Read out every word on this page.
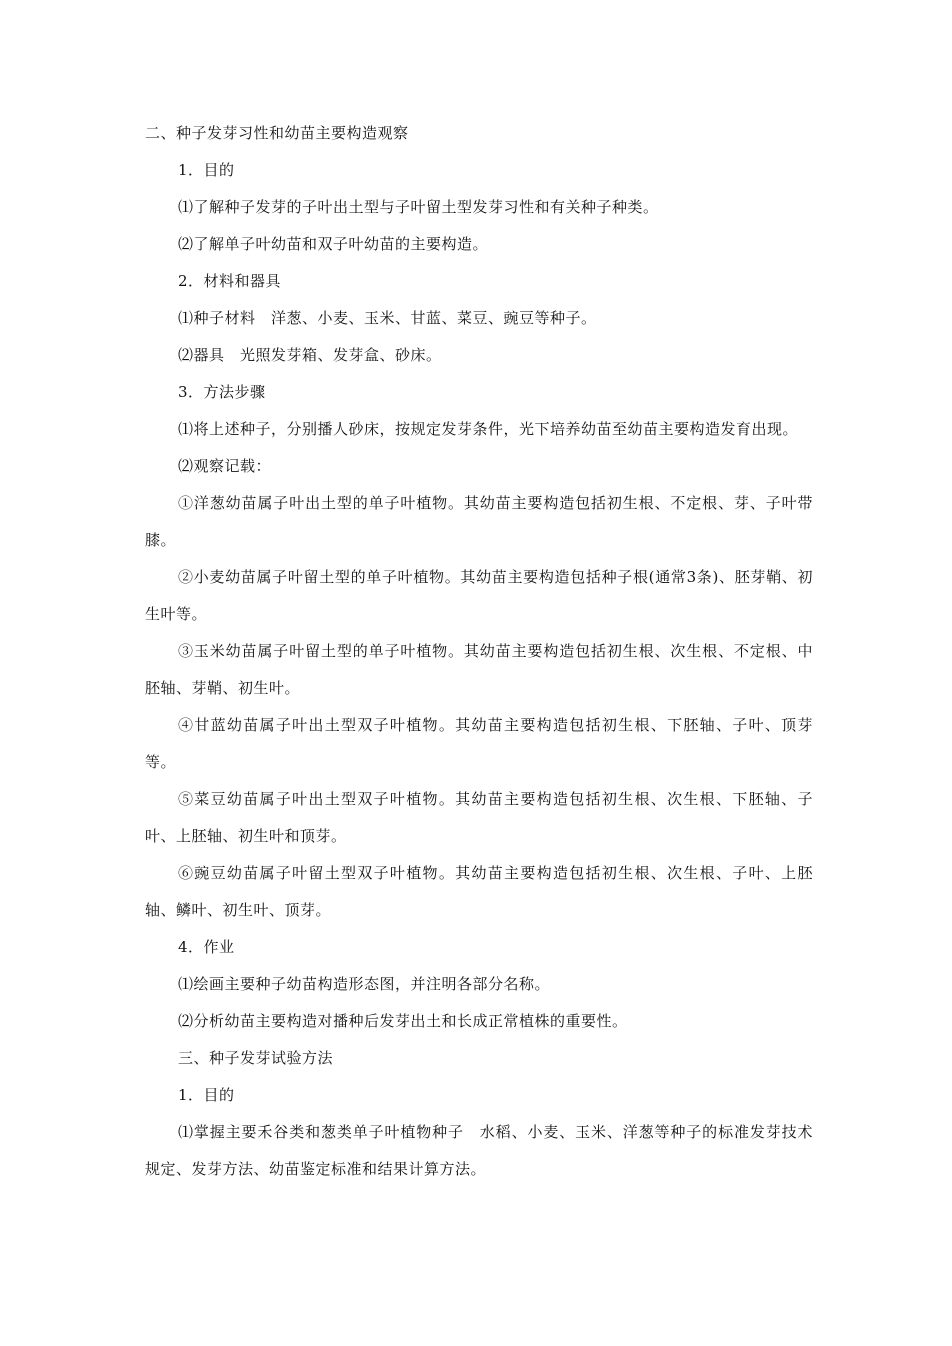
二、种子发芽习性和幼苗主要构造观察

1．目的

⑴了解种子发芽的子叶出土型与子叶留土型发芽习性和有关种子种类。

⑵了解单子叶幼苗和双子叶幼苗的主要构造。

2．材料和器具

⑴种子材料　洋葱、小麦、玉米、甘蓝、菜豆、豌豆等种子。

⑵器具　光照发芽箱、发芽盒、砂床。

3．方法步骤

⑴将上述种子，分别播人砂床，按规定发芽条件，光下培养幼苗至幼苗主要构造发育出现。

⑵观察记载：

①洋葱幼苗属子叶出土型的单子叶植物。其幼苗主要构造包括初生根、不定根、芽、子叶带膝。

②小麦幼苗属子叶留土型的单子叶植物。其幼苗主要构造包括种子根(通常3条)、胚芽鞘、初生叶等。

③玉米幼苗属子叶留土型的单子叶植物。其幼苗主要构造包括初生根、次生根、不定根、中胚轴、芽鞘、初生叶。

④甘蓝幼苗属子叶出土型双子叶植物。其幼苗主要构造包括初生根、下胚轴、子叶、顶芽等。

⑤菜豆幼苗属子叶出土型双子叶植物。其幼苗主要构造包括初生根、次生根、下胚轴、子叶、上胚轴、初生叶和顶芽。

⑥豌豆幼苗属子叶留土型双子叶植物。其幼苗主要构造包括初生根、次生根、子叶、上胚轴、鳞叶、初生叶、顶芽。

4．作业

⑴绘画主要种子幼苗构造形态图，并注明各部分名称。

⑵分析幼苗主要构造对播种后发芽出土和长成正常植株的重要性。

三、种子发芽试验方法

1．目的

⑴掌握主要禾谷类和葱类单子叶植物种子　水稻、小麦、玉米、洋葱等种子的标准发芽技术规定、发芽方法、幼苗鉴定标准和结果计算方法。
